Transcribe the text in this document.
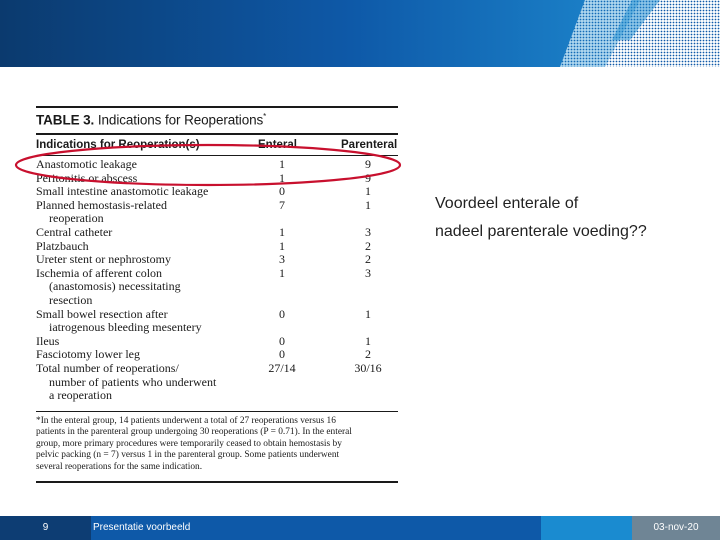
TABLE 3. Indications for Reoperations*
Indications for Reoperation(s)	Enteral	Parenteral
Anastomotic leakage	1	9
Peritonitis or abscess	1	9
Small intestine anastomotic leakage	0	1
Planned hemostasis-related	7	1
reoperation
Central catheter	1	3
Platzbauch	1	2
Ureter stent or nephrostomy	3	2
Ischemia of afferent colon	1	3
(anastomosis) necessitating
resection
Small bowel resection after	0	1
iatrogenous bleeding mesentery
Ileus	0	1
Fasciotomy lower leg	0	2
Total number of reoperations/	27/14	30/16
number of patients who underwent
a reoperation

*In the enteral group, 14 patients underwent a total of 27 reoperations versus 16

patients in the parenteral group undergoing 30 reoperations (P = 0.71). In the enteral

group, more primary procedures were temporarily ceased to obtain hemostasis by

pelvic packing (n = 7) versus 1 in the parenteral group. Some patients underwent

several reoperations for the same indication.

Voordeel enterale of
nadeel parenterale voeding??
9	Presentatie voorbeeld	03-nov-20
